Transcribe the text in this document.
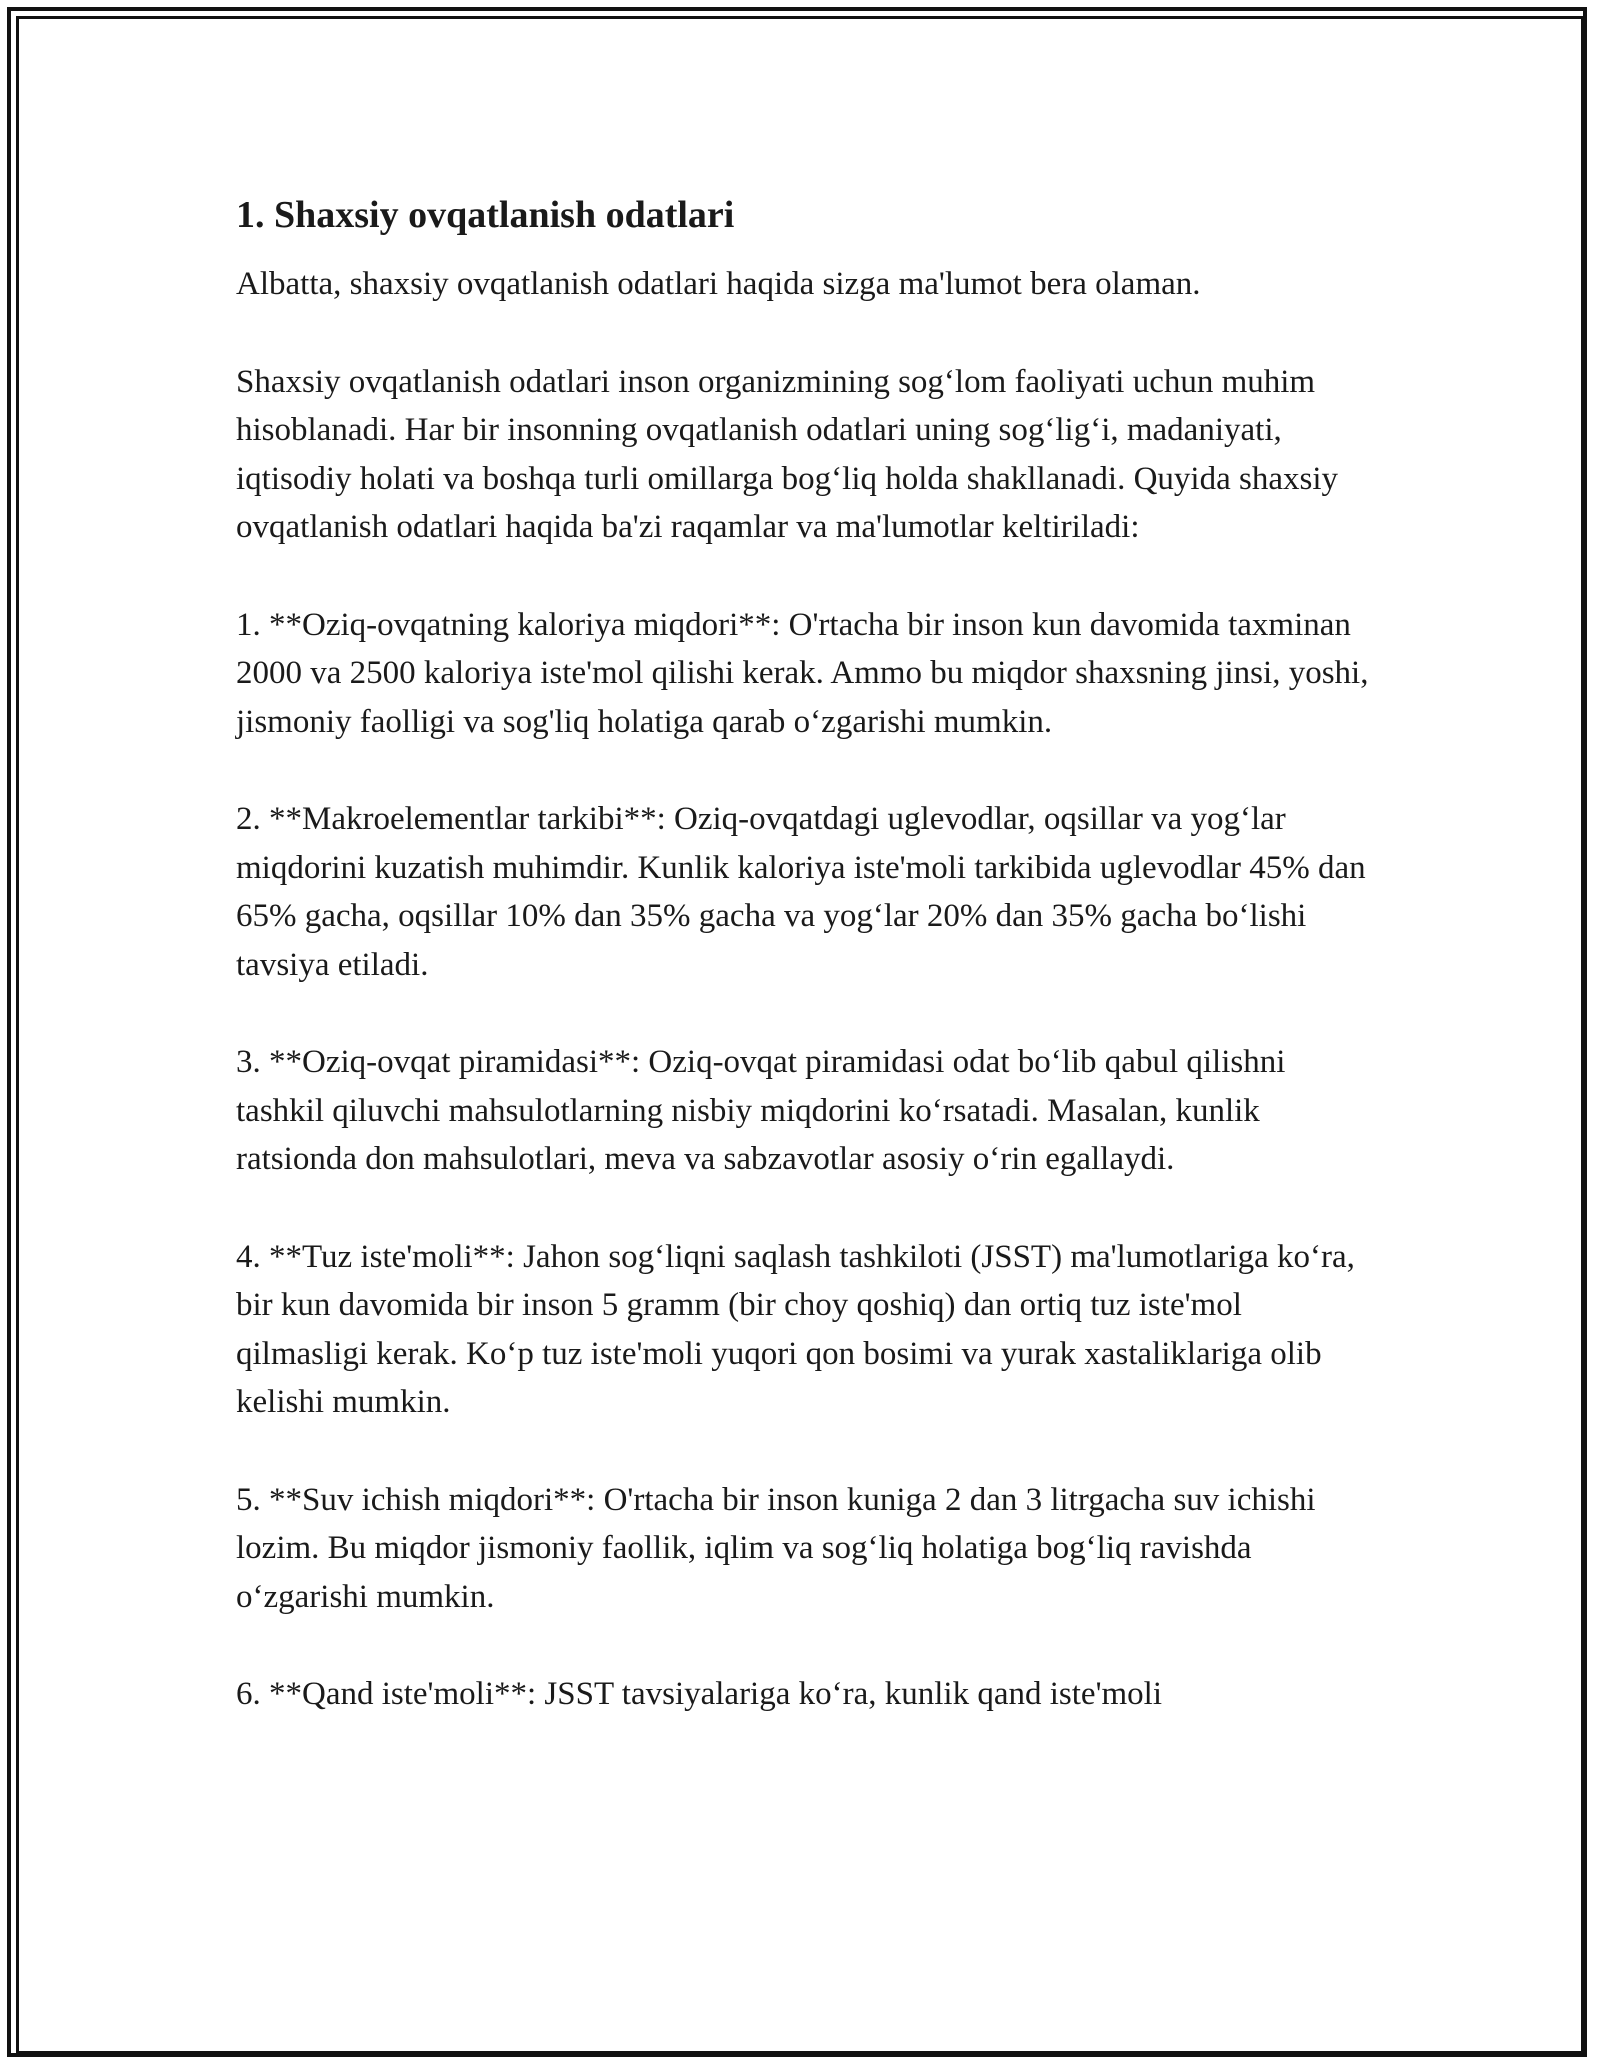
1. Shaxsiy ovqatlanish odatlari

Albatta, shaxsiy ovqatlanish odatlari haqida sizga ma'lumot bera olaman.

Shaxsiy ovqatlanish odatlari inson organizmining sog‘lom faoliyati uchun muhim hisoblanadi. Har bir insonning ovqatlanish odatlari uning sog‘lig‘i, madaniyati, iqtisodiy holati va boshqa turli omillarga bog‘liq holda shakllanadi. Quyida shaxsiy ovqatlanish odatlari haqida ba'zi raqamlar va ma'lumotlar keltiriladi:

1. **Oziq-ovqatning kaloriya miqdori**: O'rtacha bir inson kun davomida taxminan 2000 va 2500 kaloriya iste'mol qilishi kerak. Ammo bu miqdor shaxsning jinsi, yoshi, jismoniy faolligi va sog'liq holatiga qarab o‘zgarishi mumkin.

2. **Makroelementlar tarkibi**: Oziq-ovqatdagi uglevodlar, oqsillar va yog‘lar miqdorini kuzatish muhimdir. Kunlik kaloriya iste'moli tarkibida uglevodlar 45% dan 65% gacha, oqsillar 10% dan 35% gacha va yog‘lar 20% dan 35% gacha bo‘lishi tavsiya etiladi.

3. **Oziq-ovqat piramidasi**: Oziq-ovqat piramidasi odat bo‘lib qabul qilishni tashkil qiluvchi mahsulotlarning nisbiy miqdorini ko‘rsatadi. Masalan, kunlik ratsionda don mahsulotlari, meva va sabzavotlar asosiy o‘rin egallaydi.

4. **Tuz iste'moli**: Jahon sog‘liqni saqlash tashkiloti (JSST) ma'lumotlariga ko‘ra, bir kun davomida bir inson 5 gramm (bir choy qoshiq) dan ortiq tuz iste'mol qilmasligi kerak. Ko‘p tuz iste'moli yuqori qon bosimi va yurak xastaliklariga olib kelishi mumkin.

5. **Suv ichish miqdori**: O'rtacha bir inson kuniga 2 dan 3 litrgacha suv ichishi lozim. Bu miqdor jismoniy faollik, iqlim va sog‘liq holatiga bog‘liq ravishda o‘zgarishi mumkin.

6. **Qand iste'moli**: JSST tavsiyalariga ko‘ra, kunlik qand iste'moli
